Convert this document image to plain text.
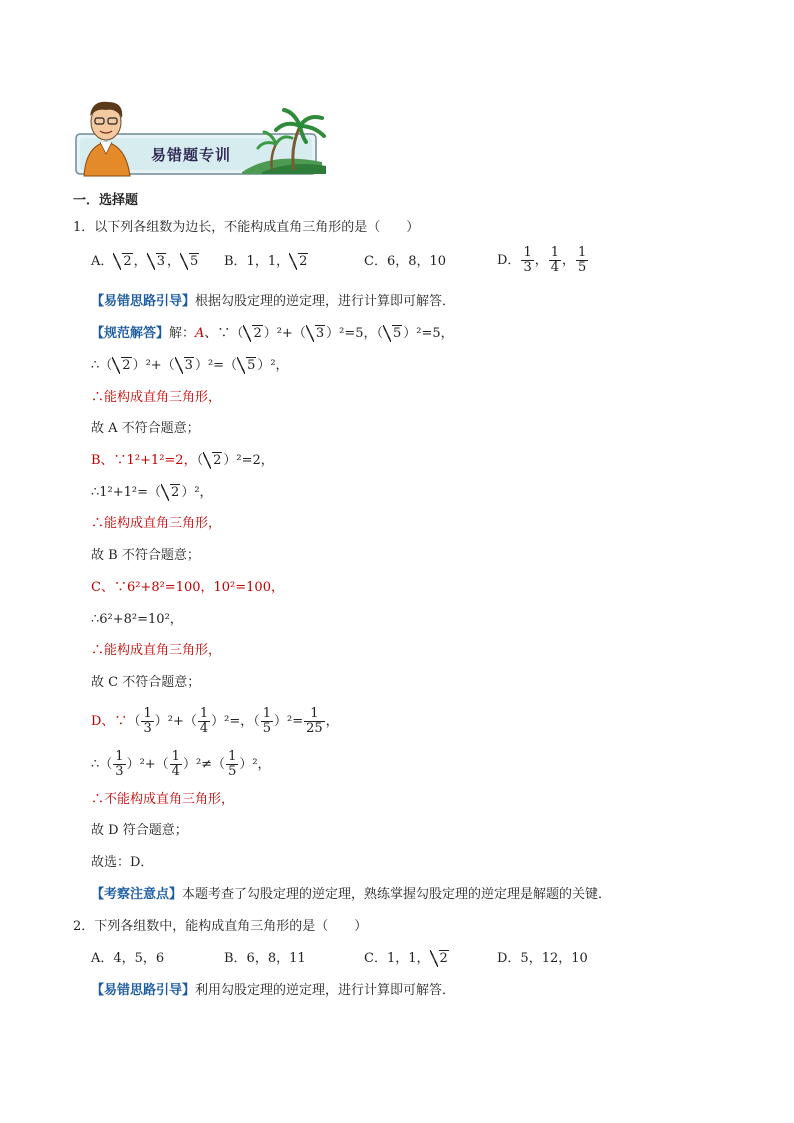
易错题专训
一．选择题
1．以下列各组数为边长，不能构成直角三角形的是（　　）
A． 2 ， 3 ， 5 B．1，1， 2	C．6，8，10	D． $\frac{1}{3}$ ， $\frac{1}{4}$ ， $\frac{1}{5}$
【易错思路引导】根据勾股定理的逆定理，进行计算即可解答．
【规范解答】解：A、∵（ 2 ）²+（ 3 ）²=5，（ 5 ）²=5，
∴（ 2 ）²+（ 3 ）²=（ 5 ）²，
∴能构成直角三角形，
故 A 不符合题意；
B、∵1²+1²=2，（ 2 ）²=2，
∴1²+1²=（ 2 ）²，
∴能构成直角三角形，
故 B 不符合题意；
C、∵6²+8²=100，10²=100，
∴6²+8²=10²，
∴能构成直角三角形，
故 C 不符合题意；
D、∵（ $\frac{1}{3} )^2+( \frac{1}{4} )^2=$，（ $\frac{1}{5} )^2= \frac{1}{25}$ ，
∴（ $\frac{1}{3} )^2+( \frac{1}{4} )^2\ne( \frac{1}{5} )^2$，
∴不能构成直角三角形，
故 D 符合题意；
故选：D．
【考察注意点】本题考查了勾股定理的逆定理，熟练掌握勾股定理的逆定理是解题的关键．
2．下列各组数中，能构成直角三角形的是（　　）
A．4，5，6	B．6，8，11	C．1，1， 2	D．5，12，10
【易错思路引导】利用勾股定理的逆定理，进行计算即可解答．
